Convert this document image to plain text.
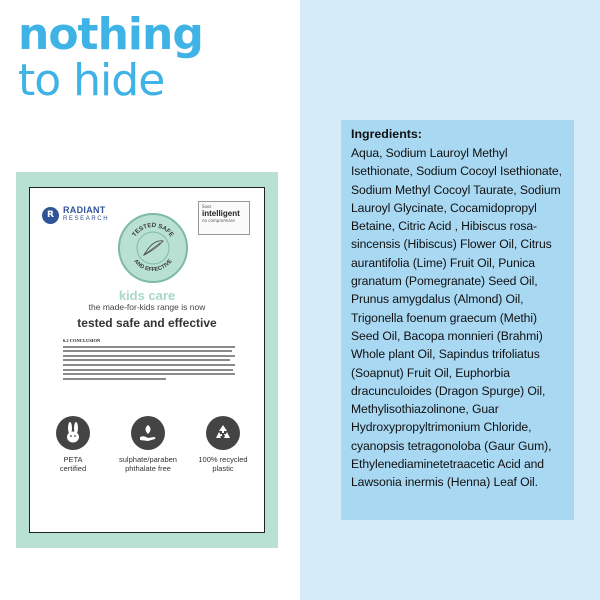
nothing
to hide
R	RADIANT
RESEARCH
Soos
intelligent
no compromises
TESTED SAFE
AND EFFECTIVE
kids care
the made-for-kids range is now
tested safe and effective
6.2 CONCLUSION
PETA
certified
sulphate/paraben
phthalate free
100% recycled
plastic
Ingredients:
Aqua, Sodium Lauroyl Methyl Isethionate, Sodium Cocoyl Isethionate, Sodium Methyl Cocoyl Taurate, Sodium Lauroyl Glycinate, Cocamidopropyl Betaine, Citric Acid , Hibiscus rosa-sincensis (Hibiscus) Flower Oil, Citrus aurantifolia (Lime) Fruit Oil, Punica granatum (Pomegranate) Seed Oil, Prunus amygdalus (Almond) Oil, Trigonella foenum graecum (Methi) Seed Oil, Bacopa monnieri (Brahmi) Whole plant Oil, Sapindus trifoliatus (Soapnut) Fruit Oil, Euphorbia dracunculoides (Dragon Spurge) Oil, Methylisothiazolinone, Guar Hydroxypropyltrimonium Chloride, cyanopsis tetragonoloba (Gaur Gum), Ethylenediaminetetraacetic Acid and Lawsonia inermis (Henna) Leaf Oil.
